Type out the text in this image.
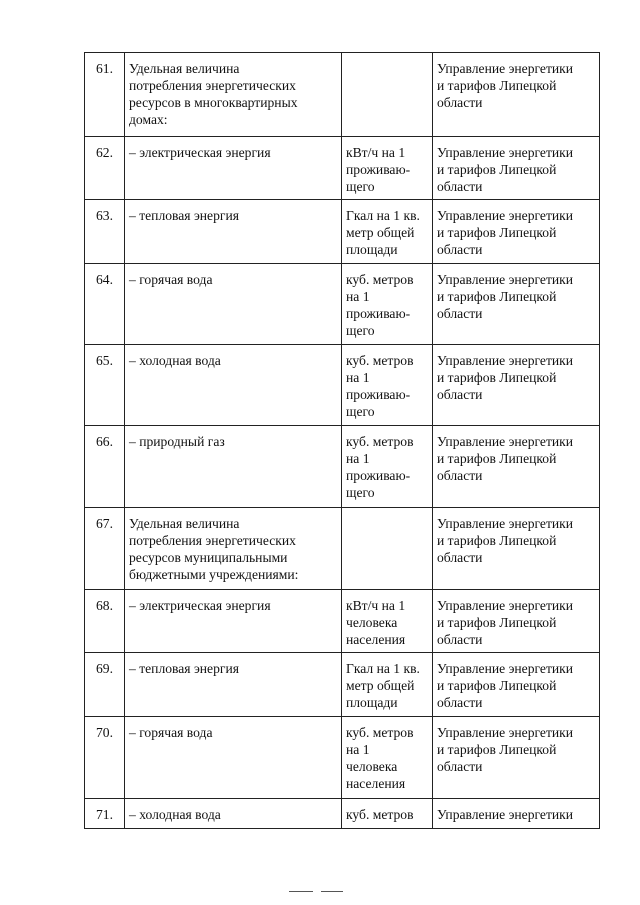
61.	Удельная величина
потребления энергетических
ресурсов в многоквартирных
домах:		Управление энергетики
и тарифов Липецкой
области

62.	– электрическая энергия	кВт/ч на 1
проживаю-
щего	Управление энергетики
и тарифов Липецкой
области

63.	– тепловая энергия	Гкал на 1 кв.
метр общей
площади	Управление энергетики
и тарифов Липецкой
области

64.	– горячая вода	куб. метров
на 1
проживаю-
щего	Управление энергетики
и тарифов Липецкой
области

65.	– холодная вода	куб. метров
на 1
проживаю-
щего	Управление энергетики
и тарифов Липецкой
области

66.	– природный газ	куб. метров
на 1
проживаю-
щего	Управление энергетики
и тарифов Липецкой
области

67.	Удельная величина
потребления энергетических
ресурсов муниципальными
бюджетными учреждениями:		Управление энергетики
и тарифов Липецкой
области

68.	– электрическая энергия	кВт/ч на 1
человека
населения	Управление энергетики
и тарифов Липецкой
области

69.	– тепловая энергия	Гкал на 1 кв.
метр общей
площади	Управление энергетики
и тарифов Липецкой
области

70.	– горячая вода	куб. метров
на 1
человека
населения	Управление энергетики
и тарифов Липецкой
области

71.	– холодная вода	куб. метров	Управление энергетики
